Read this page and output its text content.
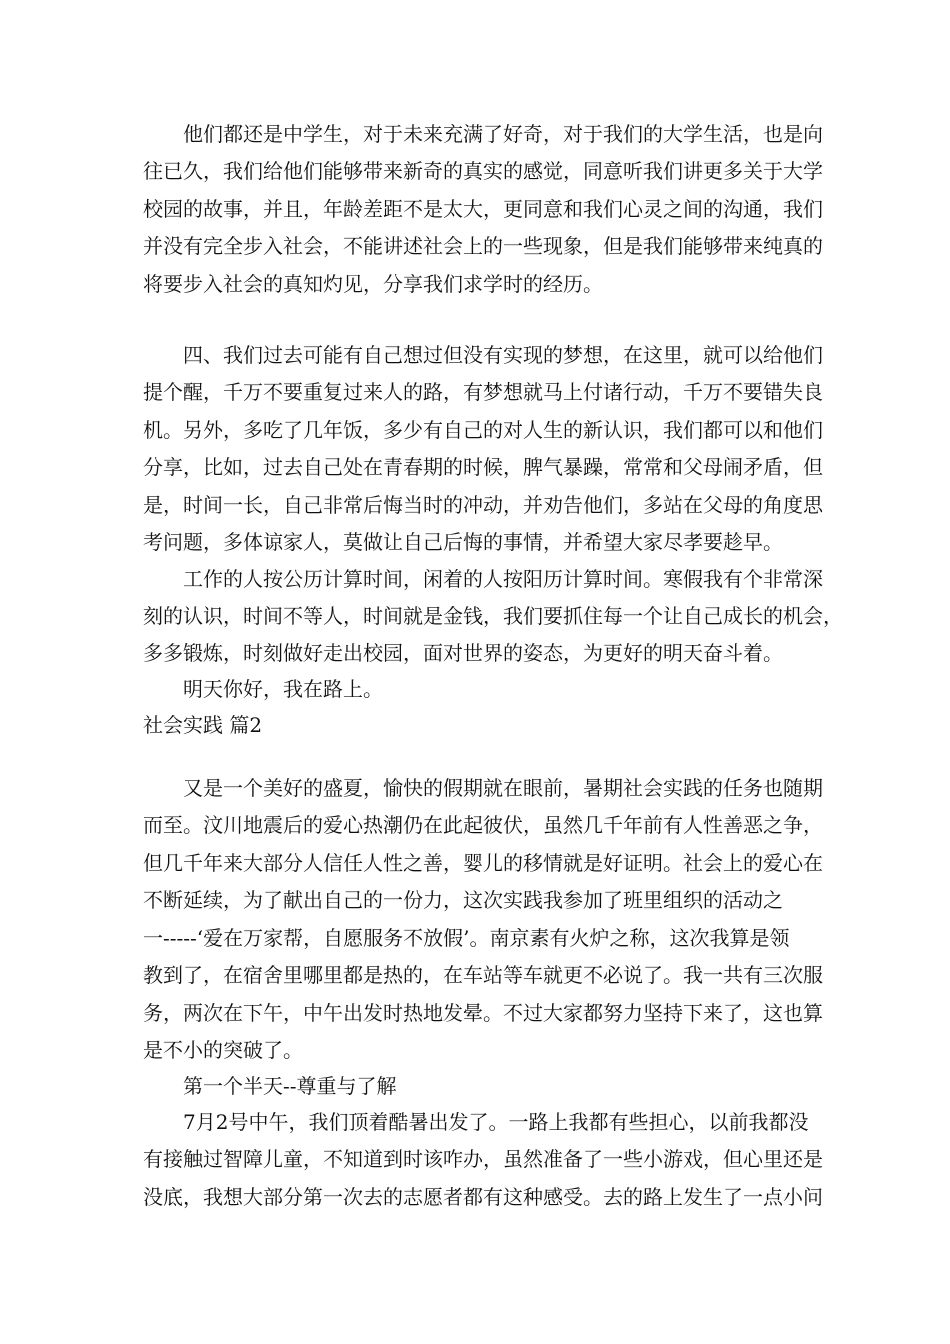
　　他们都还是中学生，对于未来充满了好奇，对于我们的大学生活，也是向
往已久，我们给他们能够带来新奇的真实的感觉，同意听我们讲更多关于大学
校园的故事，并且，年龄差距不是太大，更同意和我们心灵之间的沟通，我们
并没有完全步入社会，不能讲述社会上的一些现象，但是我们能够带来纯真的
将要步入社会的真知灼见，分享我们求学时的经历。
　　四、我们过去可能有自己想过但没有实现的梦想，在这里，就可以给他们
提个醒，千万不要重复过来人的路，有梦想就马上付诸行动，千万不要错失良
机。另外，多吃了几年饭，多少有自己的对人生的新认识，我们都可以和他们
分享，比如，过去自己处在青春期的时候，脾气暴躁，常常和父母闹矛盾，但
是，时间一长，自己非常后悔当时的冲动，并劝告他们，多站在父母的角度思
考问题，多体谅家人，莫做让自己后悔的事情，并希望大家尽孝要趁早。
　　工作的人按公历计算时间，闲着的人按阳历计算时间。寒假我有个非常深
刻的认识，时间不等人，时间就是金钱，我们要抓住每一个让自己成长的机会，
多多锻炼，时刻做好走出校园，面对世界的姿态，为更好的明天奋斗着。
　　明天你好，我在路上。
社会实践 篇2
　　又是一个美好的盛夏，愉快的假期就在眼前，暑期社会实践的任务也随期
而至。汶川地震后的爱心热潮仍在此起彼伏，虽然几千年前有人性善恶之争，
但几千年来大部分人信任人性之善，婴儿的移情就是好证明。社会上的爱心在
不断延续，为了献出自己的一份力，这次实践我参加了班里组织的活动之
一-----‘爱在万家帮，自愿服务不放假’。南京素有火炉之称，这次我算是领
教到了，在宿舍里哪里都是热的，在车站等车就更不必说了。我一共有三次服
务，两次在下午，中午出发时热地发晕。不过大家都努力坚持下来了，这也算
是不小的突破了。
　　第一个半天--尊重与了解
　　7月2号中午，我们顶着酷暑出发了。一路上我都有些担心，以前我都没
有接触过智障儿童，不知道到时该咋办，虽然准备了一些小游戏，但心里还是
没底，我想大部分第一次去的志愿者都有这种感受。去的路上发生了一点小问
